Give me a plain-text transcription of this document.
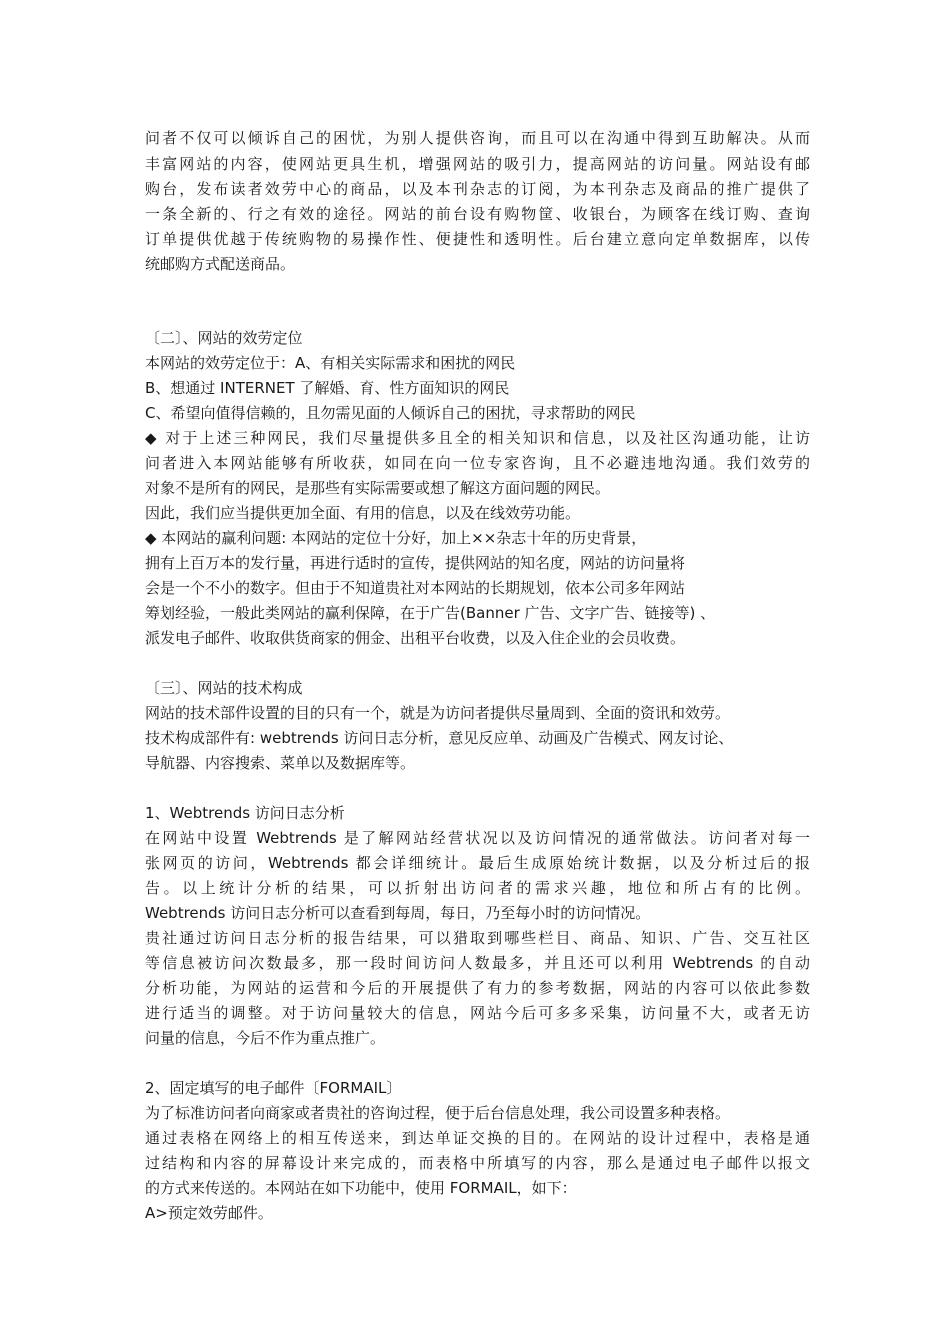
问者不仅可以倾诉自己的困忧，为别人提供咨询，而且可以在沟通中得到互助解决。从而
丰富网站的内容，使网站更具生机，增强网站的吸引力，提高网站的访问量。网站设有邮
购台，发布读者效劳中心的商品，以及本刊杂志的订阅，为本刊杂志及商品的推广提供了
一条全新的、行之有效的途径。网站的前台设有购物筐、收银台，为顾客在线订购、查询
订单提供优越于传统购物的易操作性、便捷性和透明性。后台建立意向定单数据库，以传
统邮购方式配送商品。
〔二〕、网站的效劳定位
本网站的效劳定位于：A、有相关实际需求和困扰的网民
B、想通过 INTERNET 了解婚、育、性方面知识的网民
C、希望向值得信赖的，且勿需见面的人倾诉自己的困扰，寻求帮助的网民
◆ 对于上述三种网民，我们尽量提供多且全的相关知识和信息，以及社区沟通功能，让访
问者进入本网站能够有所收获，如同在向一位专家咨询，且不必避违地沟通。我们效劳的
对象不是所有的网民，是那些有实际需要或想了解这方面问题的网民。
因此，我们应当提供更加全面、有用的信息，以及在线效劳功能。
◆ 本网站的赢利问题: 本网站的定位十分好，加上××杂志十年的历史背景，
拥有上百万本的发行量，再进行适时的宣传，提供网站的知名度，网站的访问量将
会是一个不小的数字。但由于不知道贵社对本网站的长期规划，依本公司多年网站
筹划经验，一般此类网站的赢利保障，在于广告(Banner 广告、文字广告、链接等) 、
派发电子邮件、收取供货商家的佣金、出租平台收费，以及入住企业的会员收费。
〔三〕、网站的技术构成
网站的技术部件设置的目的只有一个，就是为访问者提供尽量周到、全面的资讯和效劳。
技术构成部件有: webtrends 访问日志分析，意见反应单、动画及广告模式、网友讨论、
导航器、内容搜索、菜单以及数据库等。
1、Webtrends 访问日志分析
在网站中设置 Webtrends 是了解网站经营状况以及访问情况的通常做法。访问者对每一
张网页的访问，Webtrends 都会详细统计。最后生成原始统计数据，以及分析过后的报
告。以上统计分析的结果，可以折射出访问者的需求兴趣，地位和所占有的比例。
Webtrends 访问日志分析可以查看到每周，每日，乃至每小时的访问情况。
贵社通过访问日志分析的报告结果，可以猎取到哪些栏目、商品、知识、广告、交互社区
等信息被访问次数最多，那一段时间访问人数最多，并且还可以利用 Webtrends 的自动
分析功能，为网站的运营和今后的开展提供了有力的参考数据，网站的内容可以依此参数
进行适当的调整。对于访问量较大的信息，网站今后可多多采集，访问量不大，或者无访
问量的信息，今后不作为重点推广。
2、固定填写的电子邮件〔FORMAIL〕
为了标准访问者向商家或者贵社的咨询过程，便于后台信息处理，我公司设置多种表格。
通过表格在网络上的相互传送来，到达单证交换的目的。在网站的设计过程中，表格是通
过结构和内容的屏幕设计来完成的，而表格中所填写的内容，那么是通过电子邮件以报文
的方式来传送的。本网站在如下功能中，使用 FORMAIL，如下：
A>预定效劳邮件。
